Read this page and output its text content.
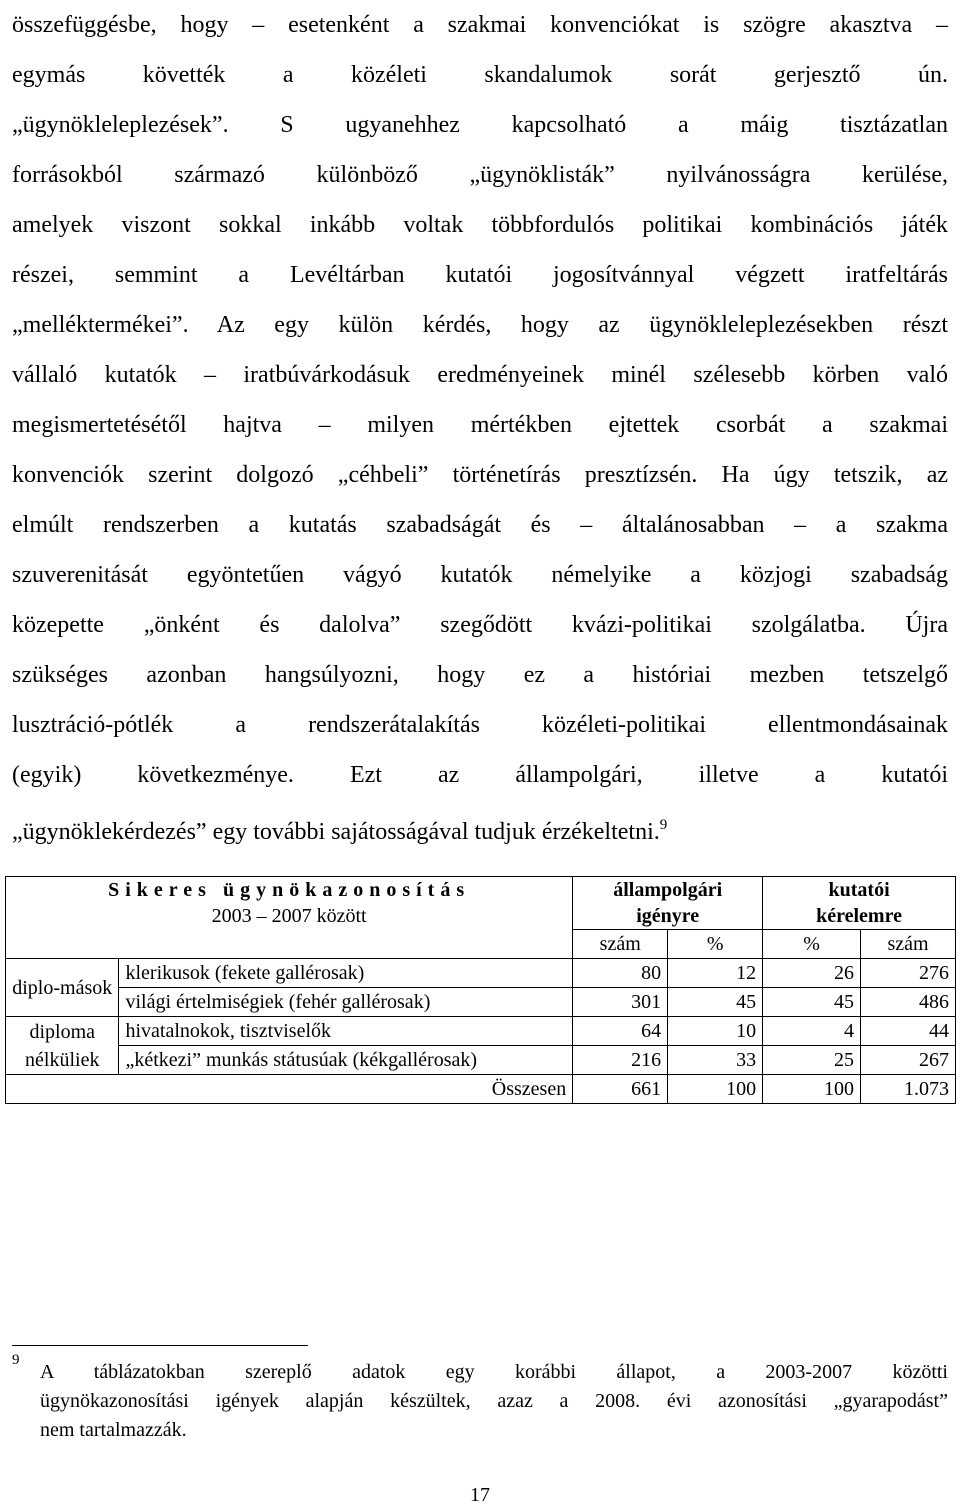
összefüggésbe, hogy – esetenként a szakmai konvenciókat is szögre akasztva –
egymás követték a közéleti skandalumok sorát gerjesztő ún.
„ügynökleleplezések”. S ugyanehhez kapcsolható a máig tisztázatlan
forrásokból származó különböző „ügynöklisták” nyilvánosságra kerülése,
amelyek viszont sokkal inkább voltak többfordulós politikai kombinációs játék
részei, semmint a Levéltárban kutatói jogosítvánnyal végzett iratfeltárás
„melléktermékei”. Az egy külön kérdés, hogy az ügynökleleplezésekben részt
vállaló kutatók – iratbúvárkodásuk eredményeinek minél szélesebb körben való
megismertetésétől hajtva – milyen mértékben ejtettek csorbát a szakmai
konvenciók szerint dolgozó „céhbeli” történetírás presztízsén. Ha úgy tetszik, az
elmúlt rendszerben a kutatás szabadságát és – általánosabban – a szakma
szuverenitását egyöntetűen vágyó kutatók némelyike a közjogi szabadság
közepette „önként és dalolva” szegődött kvázi-politikai szolgálatba. Újra
szükséges azonban hangsúlyozni, hogy ez a históriai mezben tetszelgő
lusztráció-pótlék a rendszerátalakítás közéleti-politikai ellentmondásainak
(egyik) következménye. Ezt az állampolgári, illetve a kutatói
„ügynöklekérdezés” egy további sajátosságával tudjuk érzékeltetni.$^9$
Sikeres ügynökazonosítás
2003 – 2007 között		állampolgári igényre		kutatói kérelemre	

		szám	%	%	szám
diplo-mások	klerikusok (fekete gallérosak)	80	12	26	276
	világi értelmiségiek (fehér gallérosak)	301	45	45	486
diploma nélküliek	hivatalnokok, tisztviselők	64	10	4	44
	„kétkezi” munkás státusúak (kékgallérosak)	216	33	25	267
Összesen		661	100	100	1.073
9
A táblázatokban szereplő adatok egy korábbi állapot, a 2003-2007 közötti
ügynökazonosítási igények alapján készültek, azaz a 2008. évi azonosítási „gyarapodást”
nem tartalmazzák.
17
